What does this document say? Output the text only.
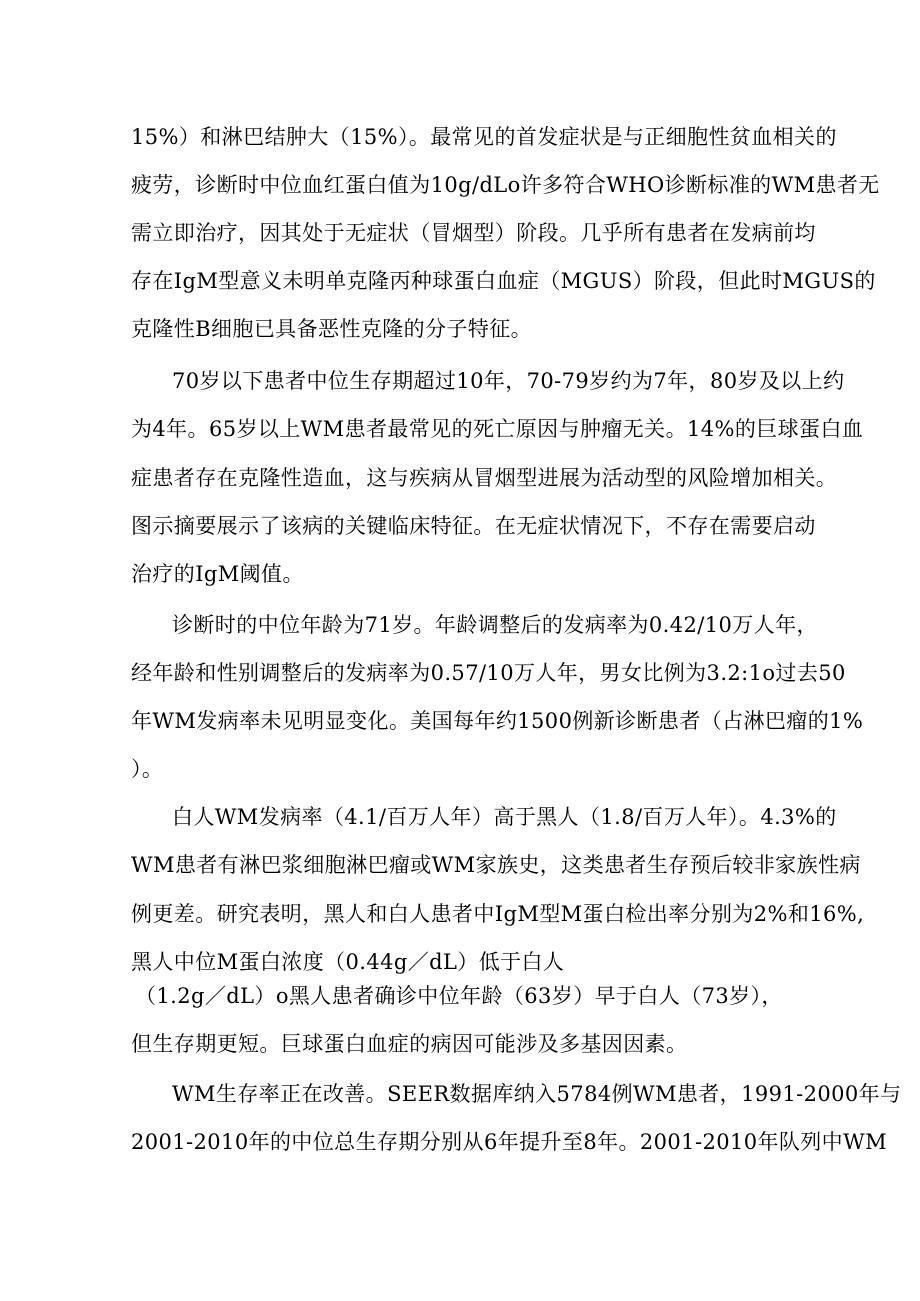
15%）和淋巴结肿大（15%）。最常见的首发症状是与正细胞性贫血相关的
疲劳，诊断时中位血红蛋白值为10g/dLo许多符合WHO诊断标准的WM患者无
需立即治疗，因其处于无症状（冒烟型）阶段。几乎所有患者在发病前均
存在IgM型意义未明单克隆丙种球蛋白血症（MGUS）阶段，但此时MGUS的
克隆性B细胞已具备恶性克隆的分子特征。
70岁以下患者中位生存期超过10年，70-79岁约为7年，80岁及以上约
为4年。65岁以上WM患者最常见的死亡原因与肿瘤无关。14%的巨球蛋白血
症患者存在克隆性造血，这与疾病从冒烟型进展为活动型的风险增加相关。
图示摘要展示了该病的关键临床特征。在无症状情况下，不存在需要启动
治疗的IgM阈值。
诊断时的中位年龄为71岁。年龄调整后的发病率为0.42/10万人年，
经年龄和性别调整后的发病率为0.57/10万人年，男女比例为3.2:1o过去50
年WM发病率未见明显变化。美国每年约1500例新诊断患者（占淋巴瘤的1%
）。
白人WM发病率（4.1/百万人年）高于黑人（1.8/百万人年）。4.3%的
WM患者有淋巴浆细胞淋巴瘤或WM家族史，这类患者生存预后较非家族性病
例更差。研究表明，黑人和白人患者中IgM型M蛋白检出率分别为2%和16%,
黑人中位M蛋白浓度（0.44g／dL）低于白人
（1.2g／dL）o黑人患者确诊中位年龄（63岁）早于白人（73岁），
但生存期更短。巨球蛋白血症的病因可能涉及多基因因素。
WM生存率正在改善。SEER数据库纳入5784例WM患者，1991-2000年与
2001-2010年的中位总生存期分别从6年提升至8年。2001-2010年队列中WM
